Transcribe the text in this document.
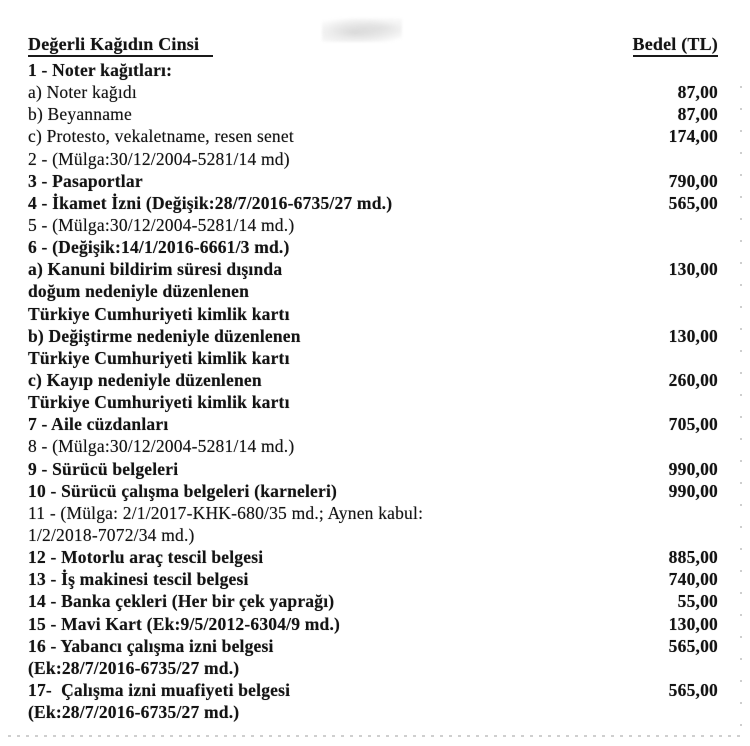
Değerli Kağıdın Cinsi	Bedel (TL)
1 - Noter kağıtları:
a) Noter kağıdı	87,00
b) Beyanname	87,00
c) Protesto, vekaletname, resen senet	174,00
2 - (Mülga:30/12/2004-5281/14 md)
3 - Pasaportlar	790,00
4 - İkamet İzni (Değişik:28/7/2016-6735/27 md.)	565,00
5 - (Mülga:30/12/2004-5281/14 md.)
6 - (Değişik:14/1/2016-6661/3 md.)
a) Kanuni bildirim süresi dışında	130,00
doğum nedeniyle düzenlenen
Türkiye Cumhuriyeti kimlik kartı
b) Değiştirme nedeniyle düzenlenen	130,00
Türkiye Cumhuriyeti kimlik kartı
c) Kayıp nedeniyle düzenlenen	260,00
Türkiye Cumhuriyeti kimlik kartı
7 - Aile cüzdanları	705,00
8 - (Mülga:30/12/2004-5281/14 md.)
9 - Sürücü belgeleri	990,00
10 - Sürücü çalışma belgeleri (karneleri)	990,00
11 - (Mülga: 2/1/2017-KHK-680/35 md.; Aynen kabul:
1/2/2018-7072/34 md.)
12 - Motorlu araç tescil belgesi	885,00
13 - İş makinesi tescil belgesi	740,00
14 - Banka çekleri (Her bir çek yaprağı)	55,00
15 - Mavi Kart (Ek:9/5/2012-6304/9 md.)	130,00
16 - Yabancı çalışma izni belgesi	565,00
(Ek:28/7/2016-6735/27 md.)
17-  Çalışma izni muafiyeti belgesi	565,00
(Ek:28/7/2016-6735/27 md.)
